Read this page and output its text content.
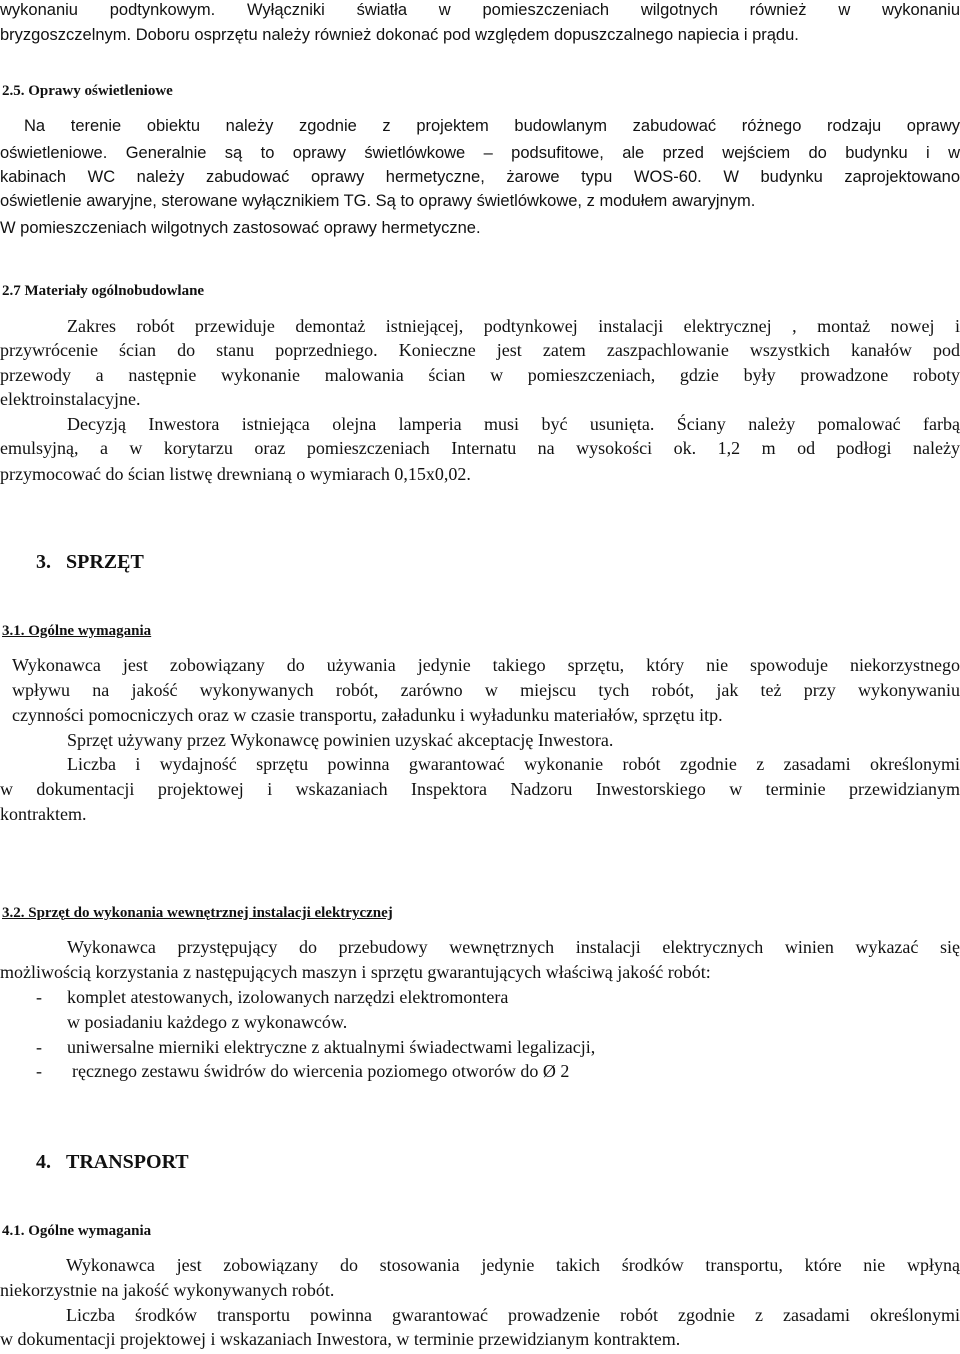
wykonaniu podtynkowym. Wyłączniki światła w pomieszczeniach wilgotnych również w wykonaniu

bryzgoszczelnym. Doboru osprzętu należy również dokonać pod względem dopuszczalnego napiecia i prądu.

2.5. Oprawy oświetleniowe

Na terenie obiektu należy zgodnie z projektem budowlanym zabudować różnego rodzaju oprawy

oświetleniowe. Generalnie są to oprawy świetlówkowe – podsufitowe, ale przed wejściem do budynku i w

kabinach WC należy zabudować oprawy hermetyczne, żarowe typu WOS-60. W budynku zaprojektowano

oświetlenie awaryjne, sterowane wyłącznikiem TG. Są to oprawy świetlówkowe, z modułem awaryjnym.

W pomieszczeniach wilgotnych zastosować oprawy hermetyczne.

2.7 Materiały ogólnobudowlane

Zakres robót przewiduje demontaż istniejącej, podtynkowej instalacji elektrycznej , montaż nowej i

przywrócenie ścian do stanu poprzedniego. Konieczne jest zatem zaszpachlowanie wszystkich kanałów pod

przewody a następnie wykonanie malowania ścian w pomieszczeniach, gdzie były prowadzone roboty

elektroinstalacyjne.

Decyzją Inwestora istniejąca olejna lamperia musi być usunięta. Ściany należy pomalować farbą

emulsyjną, a w korytarzu oraz pomieszczeniach Internatu na wysokości ok. 1,2 m od podłogi należy

przymocować do ścian listwę drewnianą o wymiarach 0,15x0,02.

3. SPRZĘT

3.1. Ogólne wymagania

Wykonawca jest zobowiązany do używania jedynie takiego sprzętu, który nie spowoduje niekorzystnego

wpływu na jakość wykonywanych robót, zarówno w miejscu tych robót, jak też przy wykonywaniu

czynności pomocniczych oraz w czasie transportu, załadunku i wyładunku materiałów, sprzętu itp.

Sprzęt używany przez Wykonawcę powinien uzyskać akceptację Inwestora.

Liczba i wydajność sprzętu powinna gwarantować wykonanie robót zgodnie z zasadami określonymi

w dokumentacji projektowej i wskazaniach Inspektora Nadzoru Inwestorskiego w terminie przewidzianym

kontraktem.

3.2. Sprzęt do wykonania wewnętrznej instalacji elektrycznej

Wykonawca przystępujący do przebudowy wewnętrznych instalacji elektrycznych winien wykazać się

możliwością korzystania z następujących maszyn i sprzętu gwarantujących właściwą jakość robót:

-	komplet atestowanych, izolowanych narzędzi elektromontera

w posiadaniu każdego z wykonawców.

-	uniwersalne mierniki elektryczne z aktualnymi świadectwami legalizacji,

-	ręcznego zestawu świdrów do wiercenia poziomego otworów do Ø 2

4. TRANSPORT

4.1. Ogólne wymagania

Wykonawca jest zobowiązany do stosowania jedynie takich środków transportu, które nie wpłyną

niekorzystnie na jakość wykonywanych robót.

Liczba środków transportu powinna gwarantować prowadzenie robót zgodnie z zasadami określonymi

w dokumentacji projektowej i wskazaniach Inwestora, w terminie przewidzianym kontraktem.
